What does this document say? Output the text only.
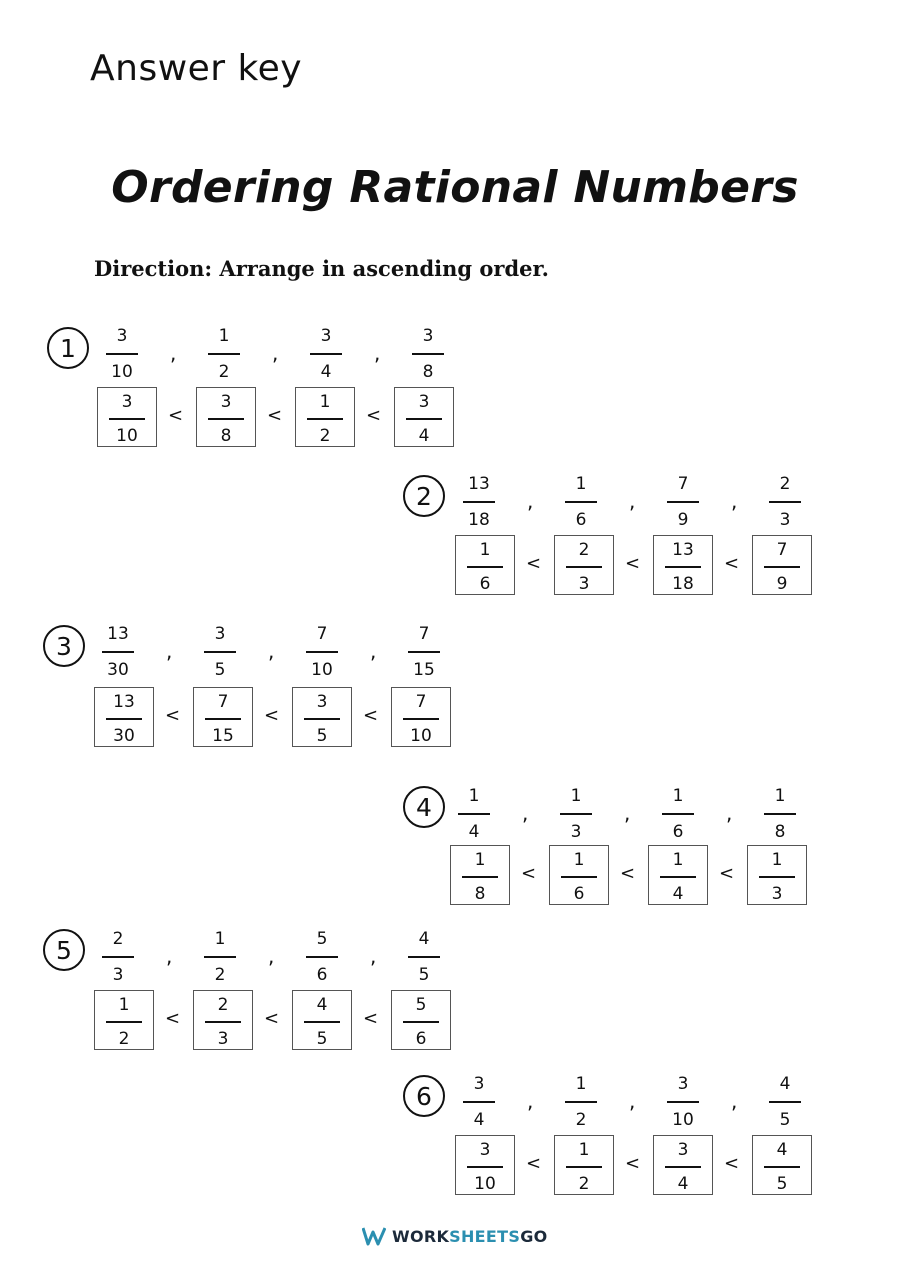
Answer key
Ordering Rational Numbers
Direction: Arrange in ascending order.
1	3
10
,
1
2
,
3
4
,
3
8
3
10
<
3
8
<
1
2
<
3
4
2	13
18
,
1
6
,
7
9
,
2
3
1
6
<
2
3
<
13
18
<
7
9
3	13
30
,
3
5
,
7
10
,
7
15
13
30
<
7
15
<
3
5
<
7
10
4	1
4
,
1
3
,
1
6
,
1
8
1
8
<
1
6
<
1
4
<
1
3
5	2
3
,
1
2
,
5
6
,
4
5
1
2
<
2
3
<
4
5
<
5
6
6	3
4
,
1
2
,
3
10
,
4
5
3
10
<
1
2
<
3
4
<
4
5
WORKSHEETSGO
